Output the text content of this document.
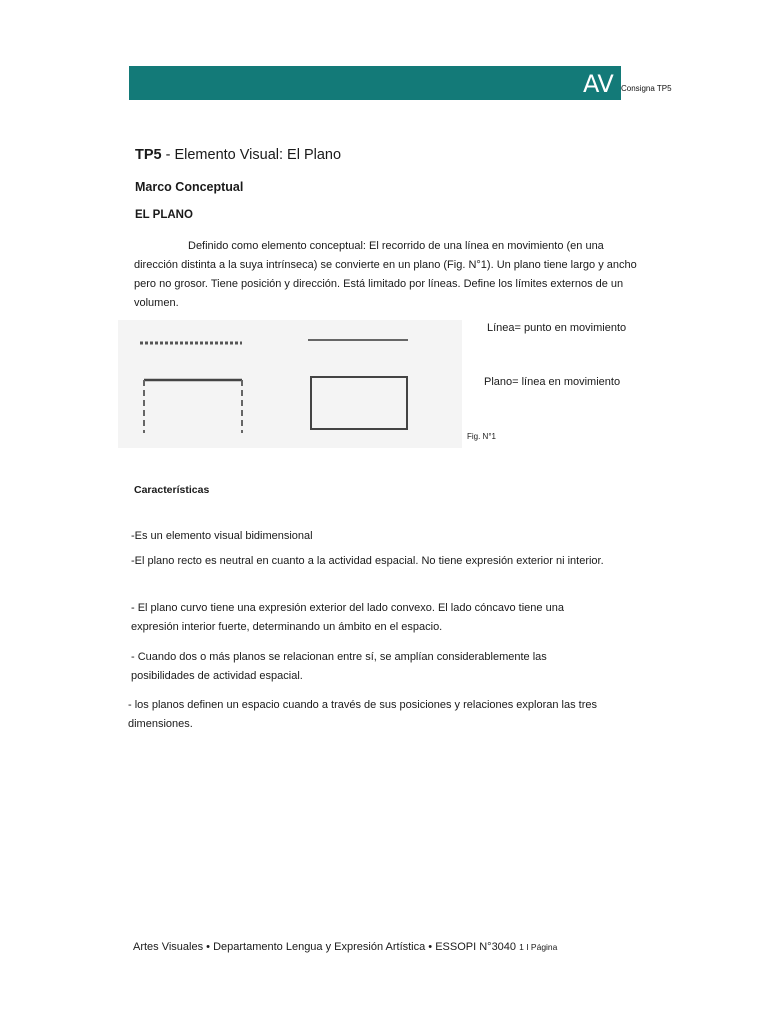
AV Consigna TP5
TP5 - Elemento Visual: El Plano
Marco Conceptual
EL PLANO
Definido como elemento conceptual: El recorrido de una línea en movimiento (en una dirección distinta a la suya intrínseca) se convierte en un plano (Fig. N°1). Un plano tiene largo y ancho pero no grosor. Tiene posición y dirección. Está limitado por líneas. Define los límites externos de un volumen.
Línea= punto en movimiento
Plano= línea en movimiento
Fig. N°1
Características
-Es un elemento visual bidimensional
-El plano recto es neutral en cuanto a la actividad espacial. No tiene expresión exterior ni interior.
- El plano curvo tiene una expresión exterior del lado convexo. El lado cóncavo tiene una expresión interior fuerte, determinando un ámbito en el espacio.
- Cuando dos o más planos se relacionan entre sí, se amplían considerablemente las posibilidades de actividad espacial.
- los planos definen un espacio cuando a través de sus posiciones y relaciones exploran las tres dimensiones.
Artes Visuales • Departamento Lengua y Expresión Artística • ESSOPI N°3040 1 I Página
